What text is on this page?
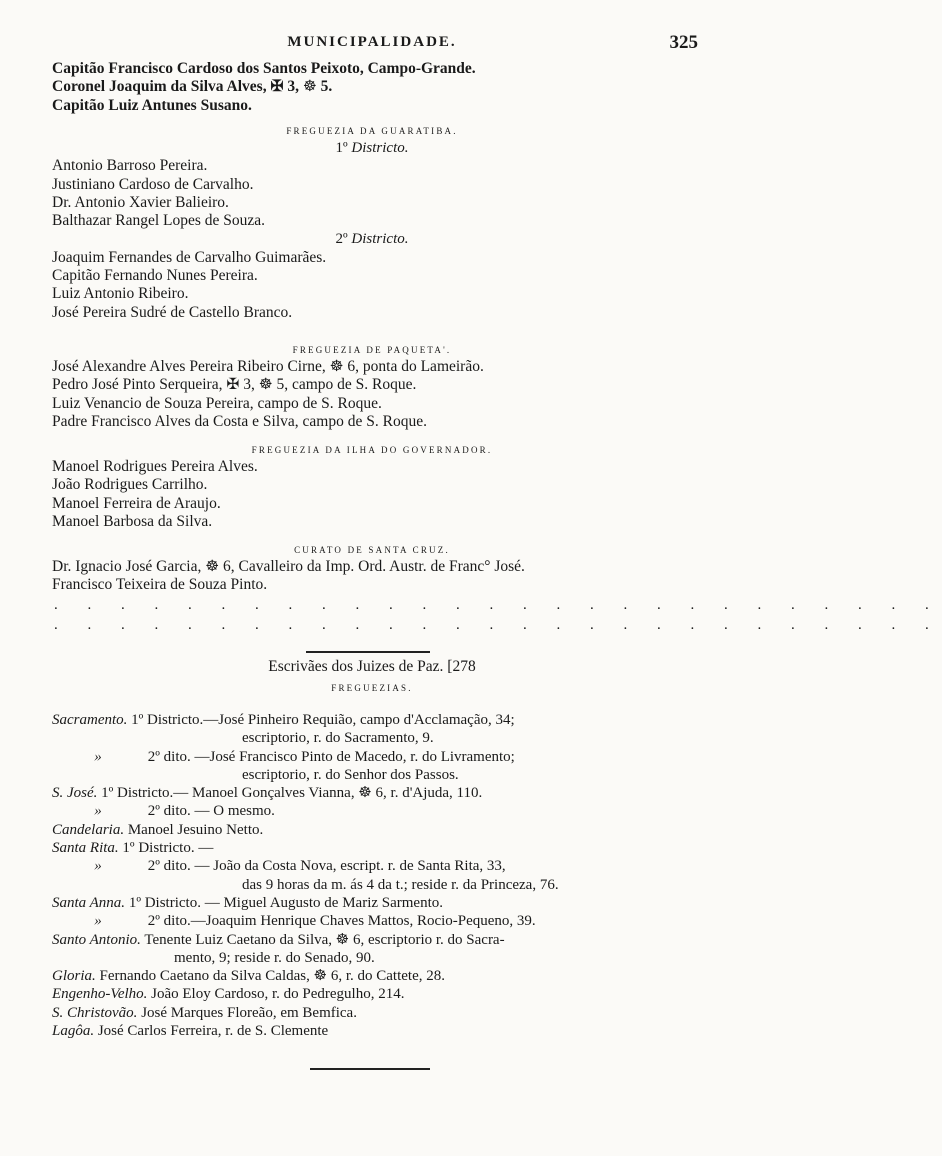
MUNICIPALIDADE.	325
Capitão Francisco Cardoso dos Santos Peixoto, Campo-Grande.
Coronel Joaquim da Silva Alves, ✠ 3, ☸ 5.
Capitão Luiz Antunes Susano.
FREGUEZIA DA GUARATIBA.
1º Districto.
Antonio Barroso Pereira.
Justiniano Cardoso de Carvalho.
Dr. Antonio Xavier Balieiro.
Balthazar Rangel Lopes de Souza.
2º Districto.
Joaquim Fernandes de Carvalho Guimarães.
Capitão Fernando Nunes Pereira.
Luiz Antonio Ribeiro.
José Pereira Sudré de Castello Branco.
FREGUEZIA DE PAQUETA'.
José Alexandre Alves Pereira Ribeiro Cirne, ☸ 6, ponta do Lameirão.
Pedro José Pinto Serqueira, ✠ 3, ☸ 5, campo de S. Roque.
Luiz Venancio de Souza Pereira, campo de S. Roque.
Padre Francisco Alves da Costa e Silva, campo de S. Roque.
FREGUEZIA DA ILHA DO GOVERNADOR.
Manoel Rodrigues Pereira Alves.
João Rodrigues Carrilho.
Manoel Ferreira de Araujo.
Manoel Barbosa da Silva.
CURATO DE SANTA CRUZ.
Dr. Ignacio José Garcia, ☸ 6, Cavalleiro da Imp. Ord. Austr. de Franc° José.
Francisco Teixeira de Souza Pinto.
. . . . . . . . . . . . . . . . . . . . . . . . . . .
. . . . . . . . . . . . . . . . . . . . . . . . . . .
Escrivães dos Juizes de Paz. [278
FREGUEZIAS.
Sacramento. 1º Districto.—José Pinheiro Requião, campo d'Acclamação, 34;
escriptorio, r. do Sacramento, 9.
»	2º dito. —José Francisco Pinto de Macedo, r. do Livramento;
escriptorio, r. do Senhor dos Passos.
S. José. 1º Districto.— Manoel Gonçalves Vianna, ☸ 6, r. d'Ajuda, 110.
»	2º dito. — O mesmo.
Candelaria. Manoel Jesuino Netto.
Santa Rita. 1º Districto. —
»	2º dito. — João da Costa Nova, escript. r. de Santa Rita, 33,
das 9 horas da m. ás 4 da t.; reside r. da Princeza, 76.
Santa Anna. 1º Districto. — Miguel Augusto de Mariz Sarmento.
»	2º dito.—Joaquim Henrique Chaves Mattos, Rocio-Pequeno, 39.
Santo Antonio. Tenente Luiz Caetano da Silva, ☸ 6, escriptorio r. do Sacra-
mento, 9; reside r. do Senado, 90.
Gloria. Fernando Caetano da Silva Caldas, ☸ 6, r. do Cattete, 28.
Engenho-Velho. João Eloy Cardoso, r. do Pedregulho, 214.
S. Christovão. José Marques Floreão, em Bemfica.
Lagôa. José Carlos Ferreira, r. de S. Clemente
